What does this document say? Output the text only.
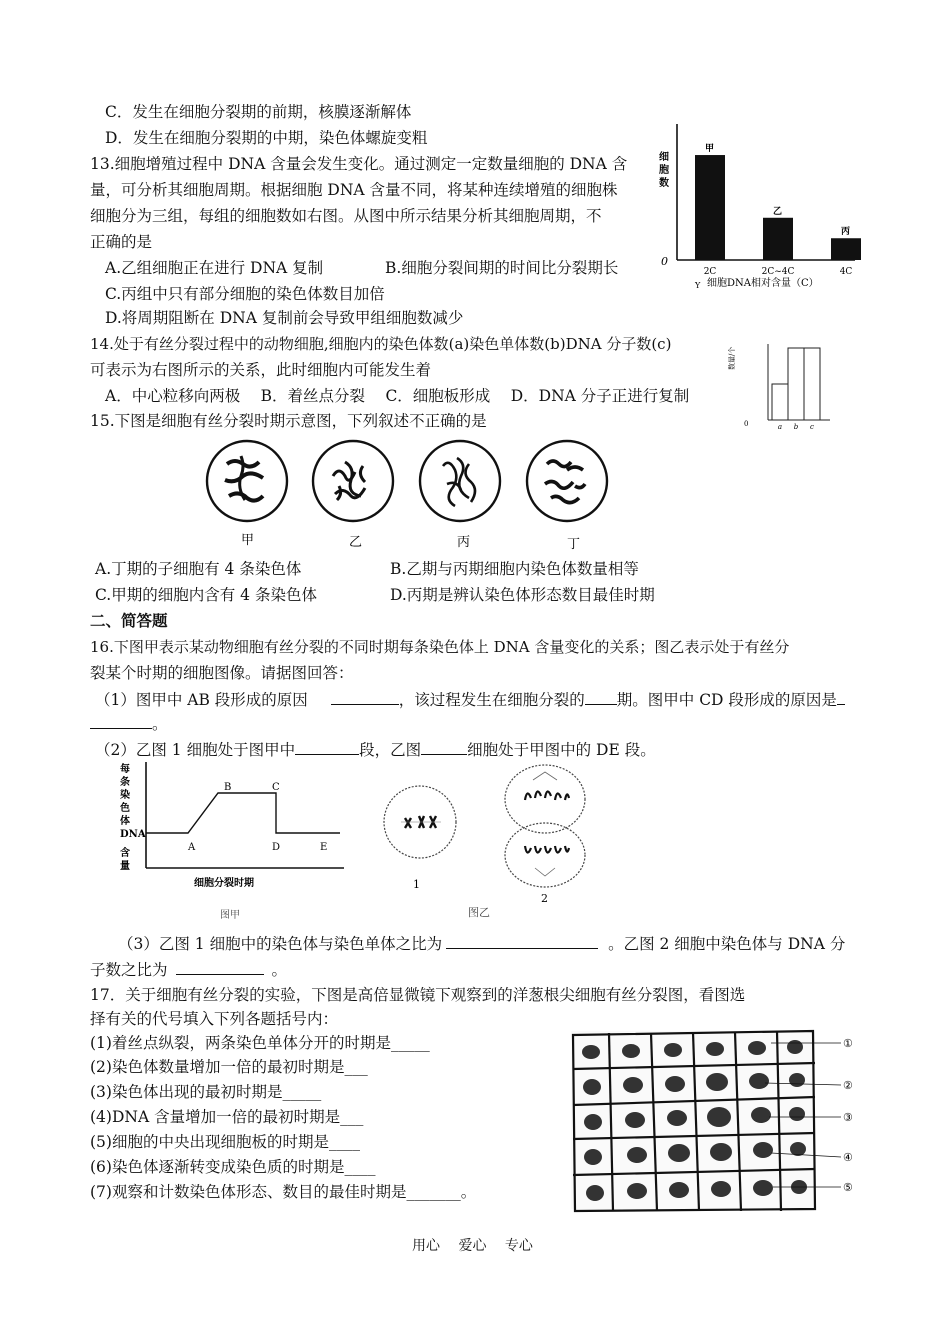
C．发生在细胞分裂期的前期，核膜逐渐解体
D．发生在细胞分裂期的中期，染色体螺旋变粗
13.细胞增殖过程中 DNA 含量会发生变化。通过测定一定数量细胞的 DNA 含
量，可分析其细胞周期。根据细胞 DNA 含量不同，将某种连续增殖的细胞株
细胞分为三组，每组的细胞数如右图。从图中所示结果分析其细胞周期，不
正确的是
A.乙组细胞正在进行 DNA 复制	B.细胞分裂间期的时间比分裂期长
C.丙组中只有部分细胞的染色体数目加倍
D.将周期阻断在 DNA 复制前会导致甲组细胞数减少
细
胞
数
0
甲
2C
乙
2C~4C
丙
4C
细胞DNA相对含量（C）
Y
14.处于有丝分裂过程中的动物细胞,细胞内的染色体数(a)染色单体数(b)DNA 分子数(c)
可表示为右图所示的关系，此时细胞内可能发生着
A．中心粒移向两极　 B．着丝点分裂　 C．细胞板形成　 D．DNA 分子正进行复制
数量/个
0	a b c
15.下图是细胞有丝分裂时期示意图，下列叙述不正确的是
甲	乙	丙	丁
A.丁期的子细胞有 4 条染色体	B.乙期与丙期细胞内染色体数量相等
C.甲期的细胞内含有 4 条染色体	D.丙期是辨认染色体形态数目最佳时期
二、简答题
16.下图甲表示某动物细胞有丝分裂的不同时期每条染色体上 DNA 含量变化的关系；图乙表示处于有丝分
裂某个时期的细胞图像。请据图回答：
（1）图甲中 AB 段形成的原因	，该过程发生在细胞分裂的 期。图甲中 CD 段形成的原因是
。
（2）乙图 1 细胞处于图甲中	段，乙图	细胞处于甲图中的 DE 段。
每
条
染
色
体
DNA
含
量
A
B	C
D	E
细胞分裂时期
图甲
1
2
图乙
（3）乙图 1 细胞中的染色体与染色单体之比为	。乙图 2 细胞中染色体与 DNA 分
子数之比为	。
17．关于细胞有丝分裂的实验，下图是高倍显微镜下观察到的洋葱根尖细胞有丝分裂图，看图选
择有关的代号填入下列各题括号内：
(1)着丝点纵裂，两条染色单体分开的时期是_____
(2)染色体数量增加一倍的最初时期是___
(3)染色体出现的最初时期是_____
(4)DNA 含量增加一倍的最初时期是___
(5)细胞的中央出现细胞板的时期是____
(6)染色体逐渐转变成染色质的时期是____
(7)观察和计数染色体形态、数目的最佳时期是_______。
①
②
③
④
⑤
用心 爱心 专心
